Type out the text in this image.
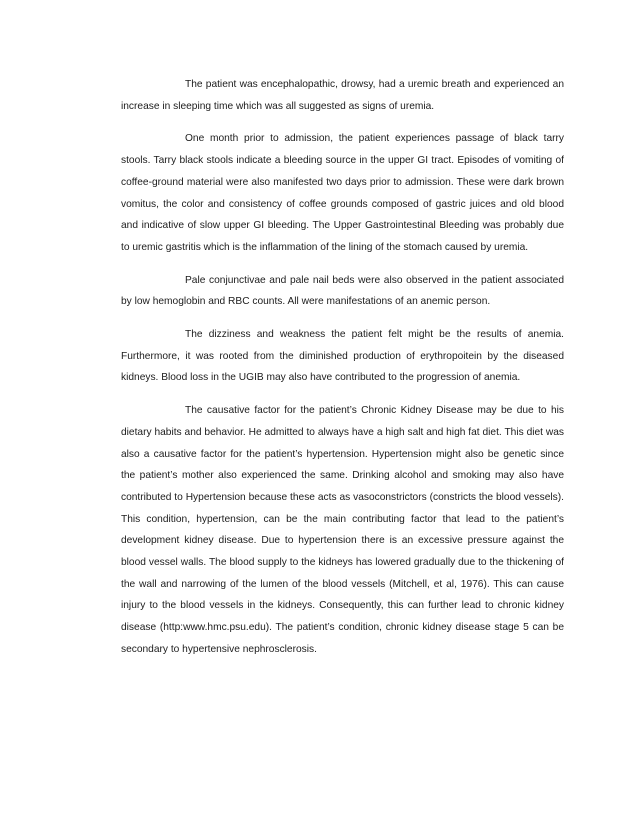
The patient was encephalopathic, drowsy, had a uremic breath and experienced an increase in sleeping time which was all suggested as signs of uremia.

One month prior to admission, the patient experiences passage of black tarry stools. Tarry black stools indicate a bleeding source in the upper GI tract. Episodes of vomiting of coffee-ground material were also manifested two days prior to admission. These were dark brown vomitus, the color and consistency of coffee grounds composed of gastric juices and old blood and indicative of slow upper GI bleeding. The Upper Gastrointestinal Bleeding was probably due to uremic gastritis which is the inflammation of the lining of the stomach caused by uremia.

Pale conjunctivae and pale nail beds were also observed in the patient associated by low hemoglobin and RBC counts. All were manifestations of an anemic person.

The dizziness and weakness the patient felt might be the results of anemia. Furthermore, it was rooted from the diminished production of erythropoitein by the diseased kidneys. Blood loss in the UGIB may also have contributed to the progression of anemia.

The causative factor for the patient’s Chronic Kidney Disease may be due to his dietary habits and behavior. He admitted to always have a high salt and high fat diet. This diet was also a causative factor for the patient’s hypertension. Hypertension might also be genetic since the patient’s mother also experienced the same. Drinking alcohol and smoking may also have contributed to Hypertension because these acts as vasoconstrictors (constricts the blood vessels). This condition, hypertension, can be the main contributing factor that lead to the patient’s development kidney disease. Due to hypertension there is an excessive pressure against the blood vessel walls. The blood supply to the kidneys has lowered gradually due to the thickening of the wall and narrowing of the lumen of the blood vessels (Mitchell, et al, 1976). This can cause injury to the blood vessels in the kidneys. Consequently, this can further lead to chronic kidney disease (http:www.hmc.psu.edu). The patient’s condition, chronic kidney disease stage 5 can be secondary to hypertensive nephrosclerosis.
